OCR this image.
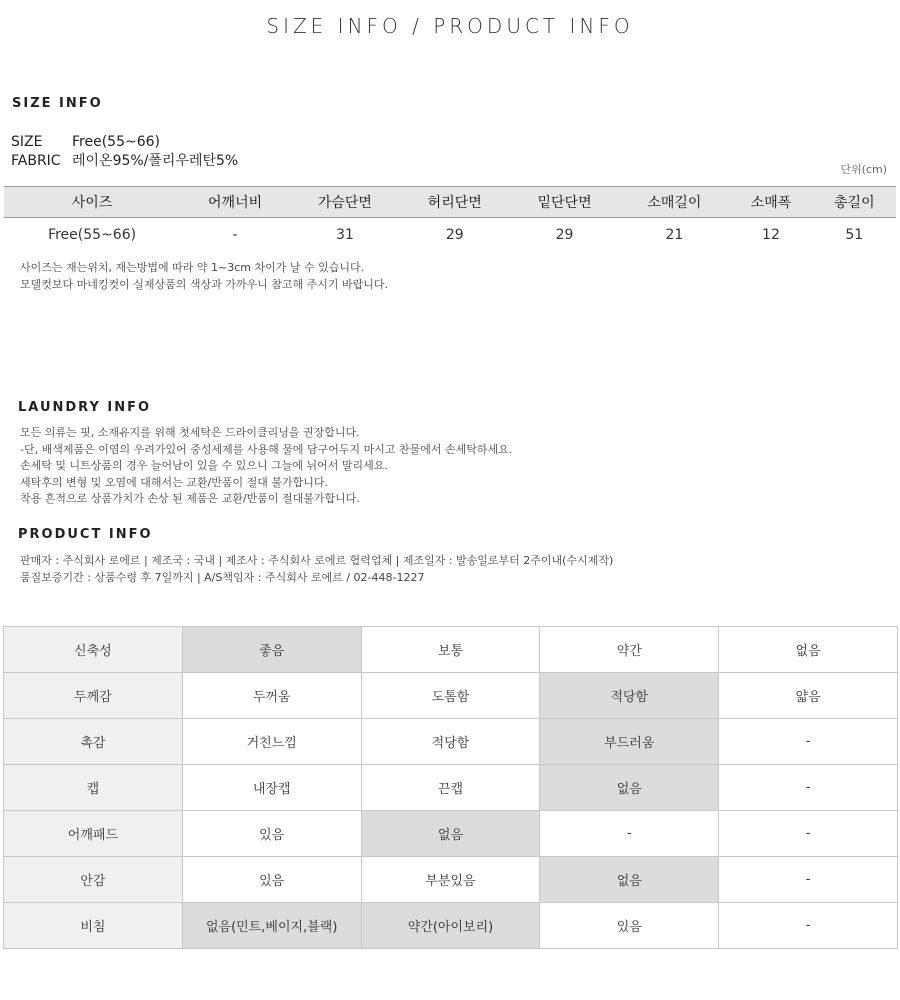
SIZE INFO / PRODUCT INFO
SIZE INFO
SIZE Free(55~66)
FABRIC 레이온95%/폴리우레탄5%
단위(cm)
사이즈	어깨너비	가슴단면	허리단면	밑단단면	소매길이	소매폭	총길이
Free(55~66)	-	31	29	29	21	12	51
사이즈는 재는위치, 재는방법에 따라 약 1~3cm 차이가 날 수 있습니다.
모델컷보다 마네킹컷이 실제상품의 색상과 가까우니 참고해 주시기 바랍니다.
LAUNDRY INFO
모든 의류는 핏, 소재유지를 위해 첫세탁은 드라이클리닝을 권장합니다.
-단, 배색제품은 이염의 우려가있어 중성세제를 사용해 물에 담구어두지 마시고 찬물에서 손세탁하세요.
손세탁 및 니트상품의 경우 늘어남이 있을 수 있으니 그늘에 뉘어서 말리세요.
세탁후의 변형 및 오염에 대해서는 교환/반품이 절대 불가합니다.
착용 흔적으로 상품가치가 손상 된 제품은 교환/반품이 절대불가합니다.
PRODUCT INFO
판매자 : 주식회사 로에르 | 제조국 : 국내 | 제조사 : 주식회사 로에르 협력업체 | 제조일자 : 발송일로부터 2주이내(수시제작)
품질보증기간 : 상품수령 후 7일까지 | A/S책임자 : 주식회사 로에르 / 02-448-1227
신축성	좋음	보통	약간	없음
두께감	두꺼움	도톰함	적당함	얇음
촉감	거친느낌	적당함	부드러움	-
캡	내장캡	끈캡	없음	-
어깨패드	있음	없음	-	-
안감	있음	부분있음	없음	-
비침	없음(민트,베이지,블랙)	약간(아이보리)	있음	-
